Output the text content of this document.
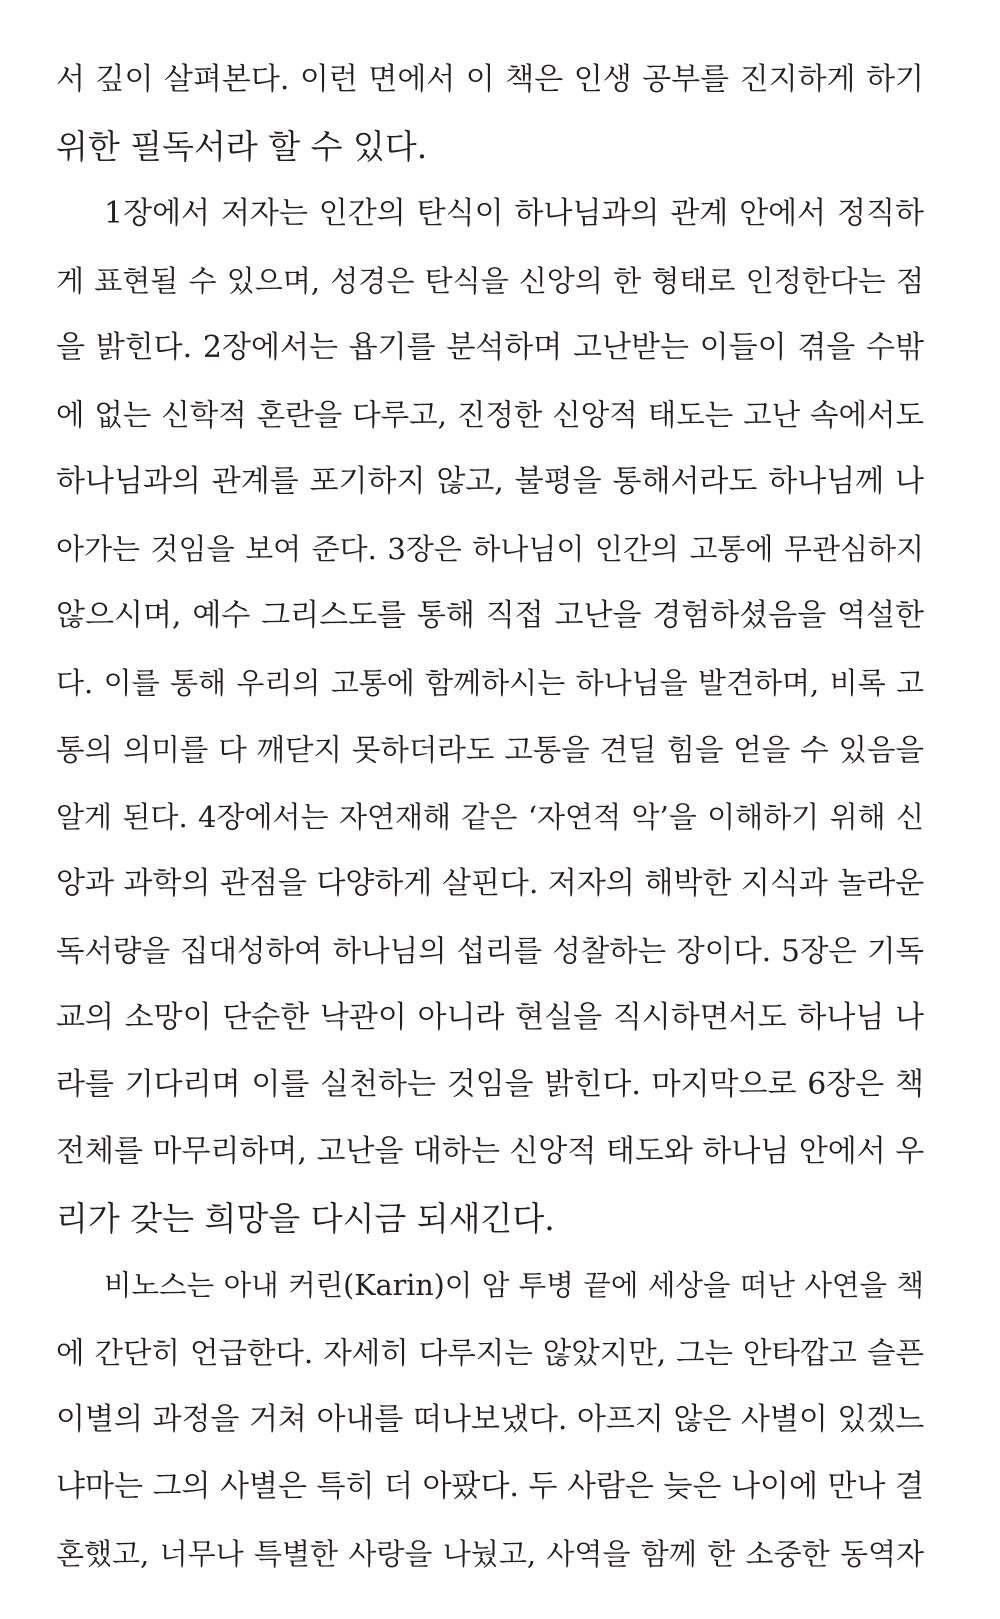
서 깊이 살펴본다. 이런 면에서 이 책은 인생 공부를 진지하게 하기
위한 필독서라 할 수 있다.
1장에서 저자는 인간의 탄식이 하나님과의 관계 안에서 정직하
게 표현될 수 있으며, 성경은 탄식을 신앙의 한 형태로 인정한다는 점
을 밝힌다. 2장에서는 욥기를 분석하며 고난받는 이들이 겪을 수밖
에 없는 신학적 혼란을 다루고, 진정한 신앙적 태도는 고난 속에서도
하나님과의 관계를 포기하지 않고, 불평을 통해서라도 하나님께 나
아가는 것임을 보여 준다. 3장은 하나님이 인간의 고통에 무관심하지
않으시며, 예수 그리스도를 통해 직접 고난을 경험하셨음을 역설한
다. 이를 통해 우리의 고통에 함께하시는 하나님을 발견하며, 비록 고
통의 의미를 다 깨닫지 못하더라도 고통을 견딜 힘을 얻을 수 있음을
알게 된다. 4장에서는 자연재해 같은 ‘자연적 악’을 이해하기 위해 신
앙과 과학의 관점을 다양하게 살핀다. 저자의 해박한 지식과 놀라운
독서량을 집대성하여 하나님의 섭리를 성찰하는 장이다. 5장은 기독
교의 소망이 단순한 낙관이 아니라 현실을 직시하면서도 하나님 나
라를 기다리며 이를 실천하는 것임을 밝힌다. 마지막으로 6장은 책
전체를 마무리하며, 고난을 대하는 신앙적 태도와 하나님 안에서 우
리가 갖는 희망을 다시금 되새긴다.
비노스는 아내 커린(Karin)이 암 투병 끝에 세상을 떠난 사연을 책
에 간단히 언급한다. 자세히 다루지는 않았지만, 그는 안타깝고 슬픈
이별의 과정을 거쳐 아내를 떠나보냈다. 아프지 않은 사별이 있겠느
냐마는 그의 사별은 특히 더 아팠다. 두 사람은 늦은 나이에 만나 결
혼했고, 너무나 특별한 사랑을 나눴고, 사역을 함께 한 소중한 동역자
